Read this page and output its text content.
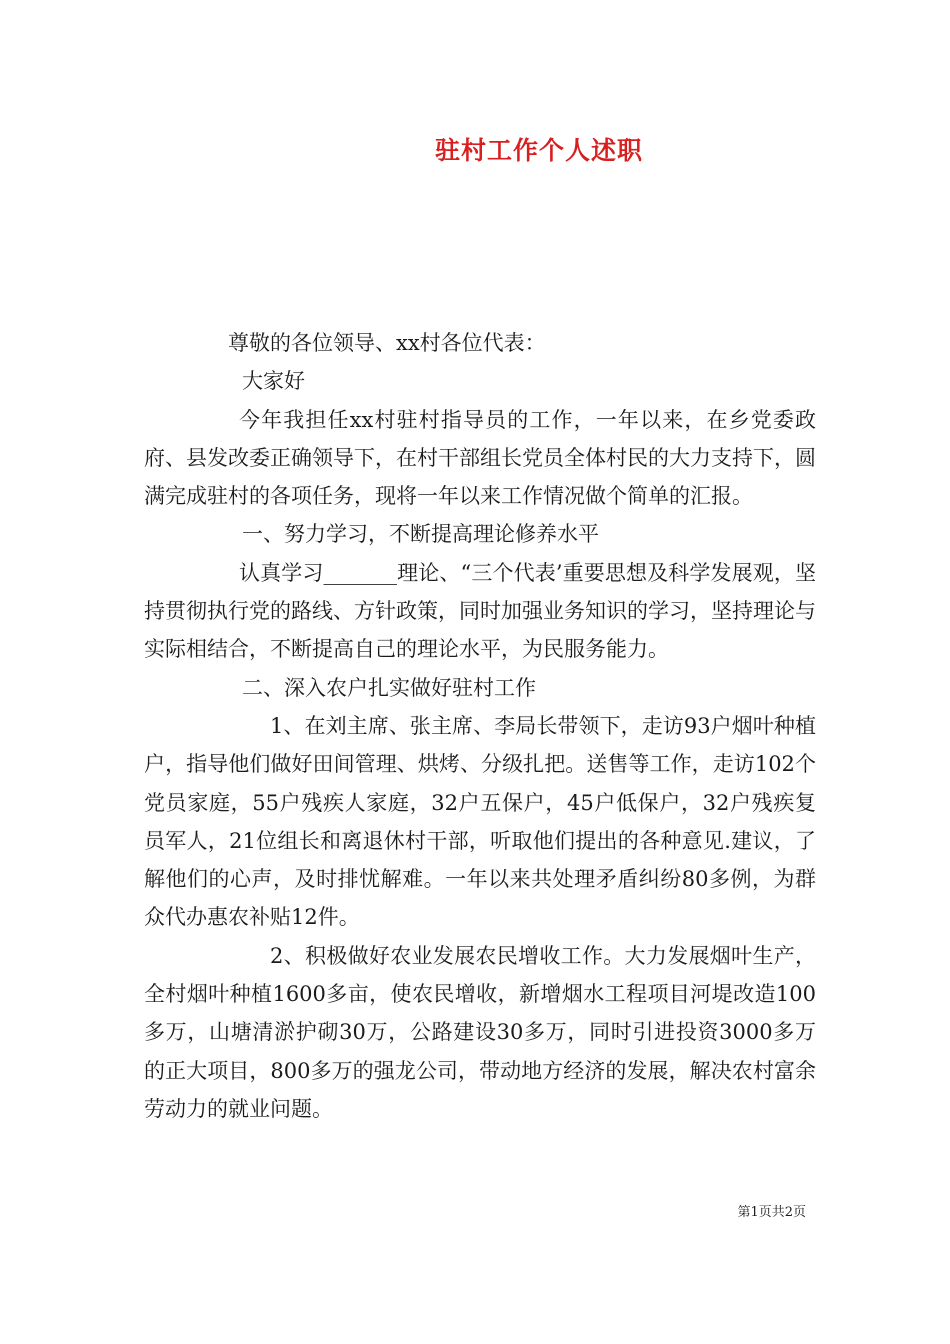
驻村工作个人述职

尊敬的各位领导、xx村各位代表：

大家好

今年我担任xx村驻村指导员的工作，一年以来，在乡党委政府、县发改委正确领导下，在村干部组长党员全体村民的大力支持下，圆满完成驻村的各项任务，现将一年以来工作情况做个简单的汇报。

一、努力学习，不断提高理论修养水平

认真学习_______理论、“三个代表’重要思想及科学发展观，坚持贯彻执行党的路线、方针政策，同时加强业务知识的学习，坚持理论与实际相结合，不断提高自己的理论水平，为民服务能力。

二、深入农户扎实做好驻村工作

1、在刘主席、张主席、李局长带领下，走访93户烟叶种植户，指导他们做好田间管理、烘烤、分级扎把。送售等工作，走访102个党员家庭，55户残疾人家庭，32户五保户，45户低保户，32户残疾复员军人，21位组长和离退休村干部，听取他们提出的各种意见.建议，了解他们的心声，及时排忧解难。一年以来共处理矛盾纠纷80多例，为群众代办惠农补贴12件。

2、积极做好农业发展农民增收工作。大力发展烟叶生产，全村烟叶种植1600多亩，使农民增收，新增烟水工程项目河堤改造100多万，山塘清淤护砌30万，公路建设30多万，同时引进投资3000多万的正大项目，800多万的强龙公司，带动地方经济的发展，解决农村富余劳动力的就业问题。

第1页共2页
